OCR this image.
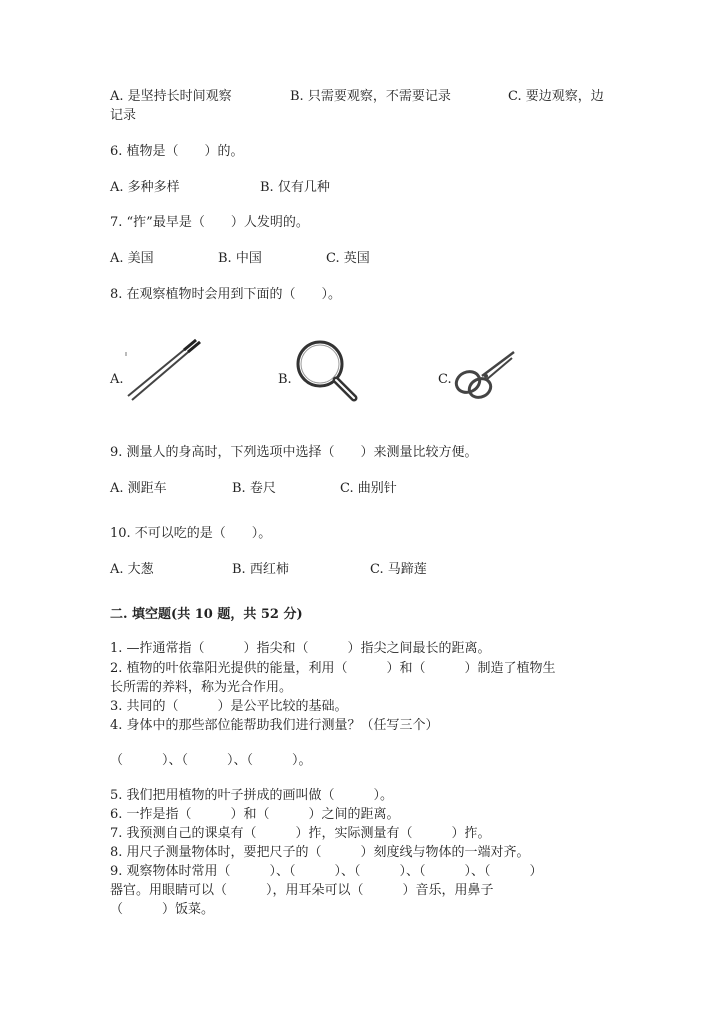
A. 是坚持长时间观察	B. 只需要观察，不需要记录	C. 要边观察，边
记录
6. 植物是（　　）的。
A. 多种多样	B. 仅有几种
7. “拃”最早是（　　）人发明的。
A. 美国	B. 中国	C. 英国
8. 在观察植物时会用到下面的（　　）。
A.	B.	C.
9. 测量人的身高时，下列选项中选择（　　）来测量比较方便。
A. 测距车	B. 卷尺	C. 曲别针
10. 不可以吃的是（　　）。
A. 大葱	B. 西红柿	C. 马蹄莲
二. 填空题(共 10 题，共 52 分)
1. —拃通常指（　　　）指尖和（　　　）指尖之间最长的距离。
2. 植物的叶依靠阳光提供的能量，利用（　　　）和（　　　）制造了植物生
长所需的养料，称为光合作用。
3. 共同的（　　　）是公平比较的基础。
4. 身体中的那些部位能帮助我们进行测量？（任写三个）
（　　　）、（　　　）、（　　　）。
5. 我们把用植物的叶子拼成的画叫做（　　　）。
6. 一拃是指（　　　）和（　　　）之间的距离。
7. 我预测自己的课桌有（　　　）拃，实际测量有（　　　）拃。
8. 用尺子测量物体时，要把尺子的（　　　）刻度线与物体的一端对齐。
9. 观察物体时常用（　　　）、（　　　）、（　　　）、（　　　）、（　　　）
器官。用眼睛可以（　　　），用耳朵可以（　　　）音乐，用鼻子
（　　　）饭菜。
